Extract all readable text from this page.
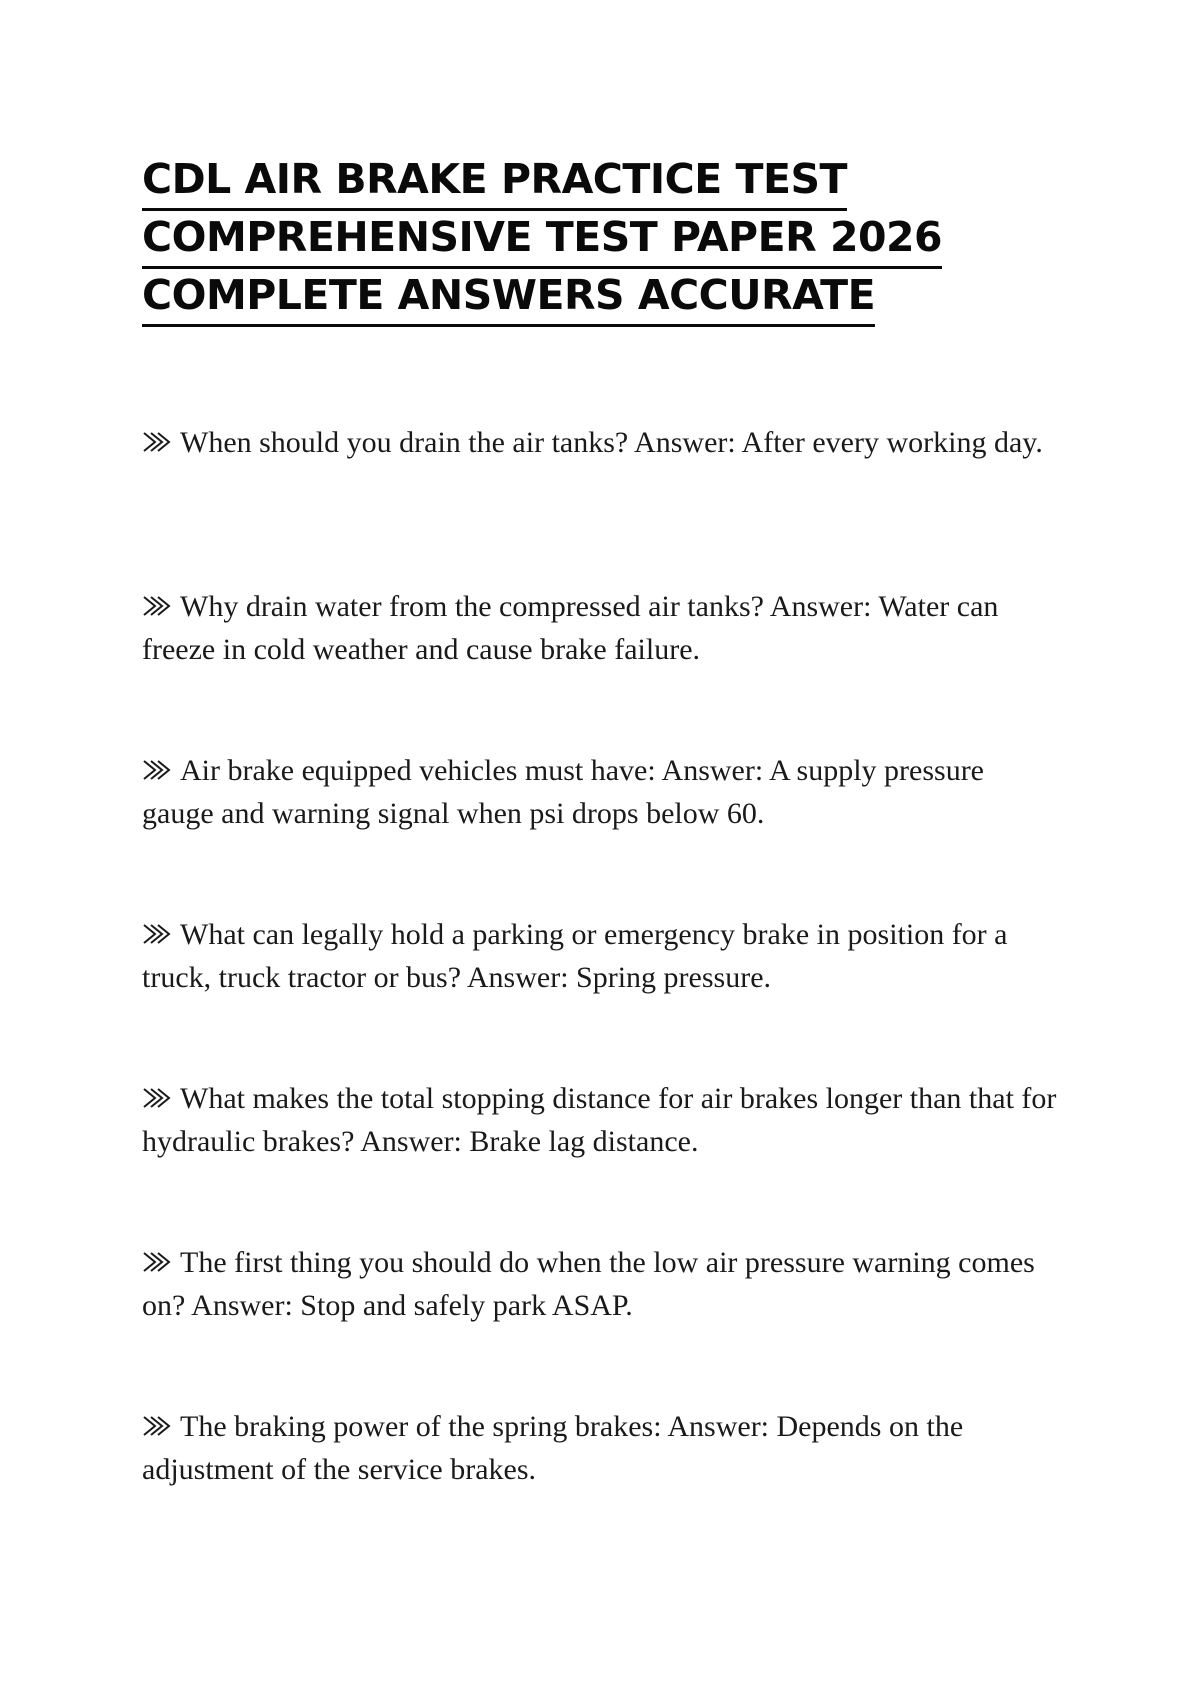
CDL AIR BRAKE PRACTICE TEST
COMPREHENSIVE TEST PAPER 2026
COMPLETE ANSWERS ACCURATE
When should you drain the air tanks? Answer: After every working day.
Why drain water from the compressed air tanks? Answer: Water can freeze in cold weather and cause brake failure.
Air brake equipped vehicles must have: Answer: A supply pressure gauge and warning signal when psi drops below 60.
What can legally hold a parking or emergency brake in position for a truck, truck tractor or bus? Answer: Spring pressure.
What makes the total stopping distance for air brakes longer than that for hydraulic brakes? Answer: Brake lag distance.
The first thing you should do when the low air pressure warning comes on? Answer: Stop and safely park ASAP.
The braking power of the spring brakes: Answer: Depends on the adjustment of the service brakes.
